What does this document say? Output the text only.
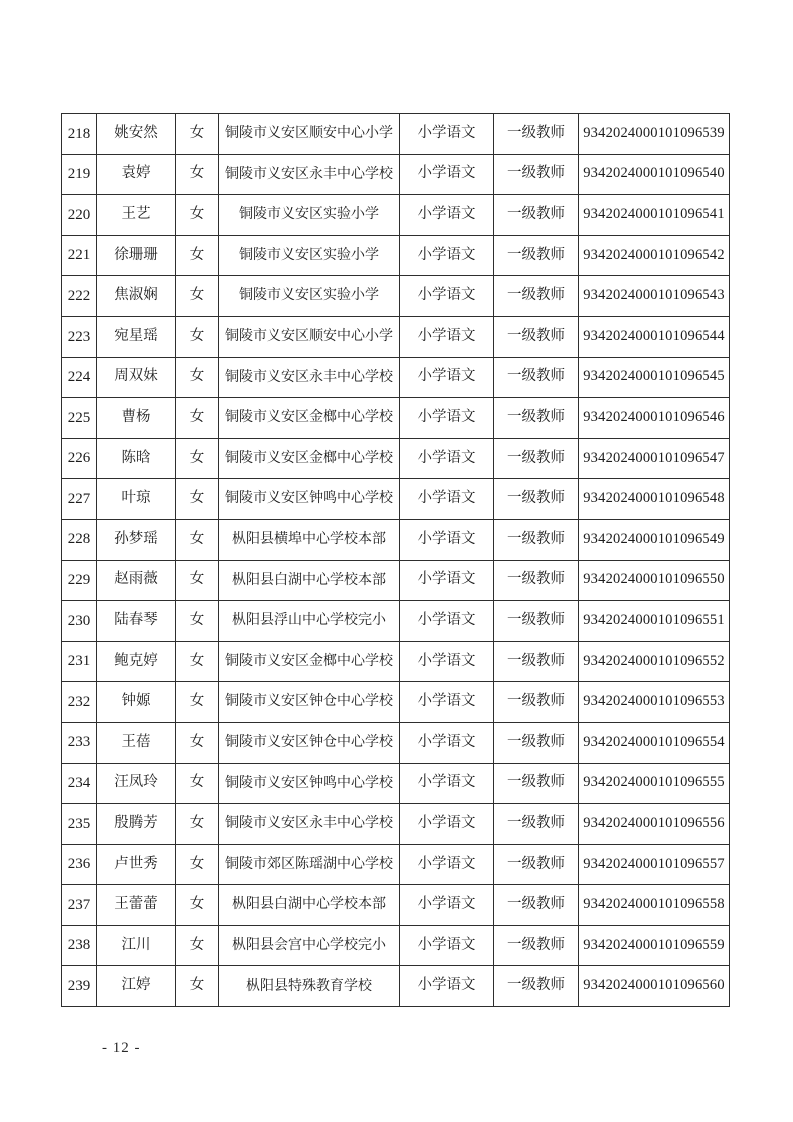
218	姚安然	女	铜陵市义安区顺安中心小学	小学语文	一级教师	9342024000101096539
219	袁婷	女	铜陵市义安区永丰中心学校	小学语文	一级教师	9342024000101096540
220	王艺	女	铜陵市义安区实验小学	小学语文	一级教师	9342024000101096541
221	徐珊珊	女	铜陵市义安区实验小学	小学语文	一级教师	9342024000101096542
222	焦淑娴	女	铜陵市义安区实验小学	小学语文	一级教师	9342024000101096543
223	宛星瑶	女	铜陵市义安区顺安中心小学	小学语文	一级教师	9342024000101096544
224	周双妹	女	铜陵市义安区永丰中心学校	小学语文	一级教师	9342024000101096545
225	曹杨	女	铜陵市义安区金榔中心学校	小学语文	一级教师	9342024000101096546
226	陈晗	女	铜陵市义安区金榔中心学校	小学语文	一级教师	9342024000101096547
227	叶琼	女	铜陵市义安区钟鸣中心学校	小学语文	一级教师	9342024000101096548
228	孙梦瑶	女	枞阳县横埠中心学校本部	小学语文	一级教师	9342024000101096549
229	赵雨薇	女	枞阳县白湖中心学校本部	小学语文	一级教师	9342024000101096550
230	陆春琴	女	枞阳县浮山中心学校完小	小学语文	一级教师	9342024000101096551
231	鲍克婷	女	铜陵市义安区金榔中心学校	小学语文	一级教师	9342024000101096552
232	钟嫄	女	铜陵市义安区钟仓中心学校	小学语文	一级教师	9342024000101096553
233	王蓓	女	铜陵市义安区钟仓中心学校	小学语文	一级教师	9342024000101096554
234	汪凤玲	女	铜陵市义安区钟鸣中心学校	小学语文	一级教师	9342024000101096555
235	殷腾芳	女	铜陵市义安区永丰中心学校	小学语文	一级教师	9342024000101096556
236	卢世秀	女	铜陵市郊区陈瑶湖中心学校	小学语文	一级教师	9342024000101096557
237	王蕾蕾	女	枞阳县白湖中心学校本部	小学语文	一级教师	9342024000101096558
238	江川	女	枞阳县会宫中心学校完小	小学语文	一级教师	9342024000101096559
239	江婷	女	枞阳县特殊教育学校	小学语文	一级教师	9342024000101096560
- 12 -
